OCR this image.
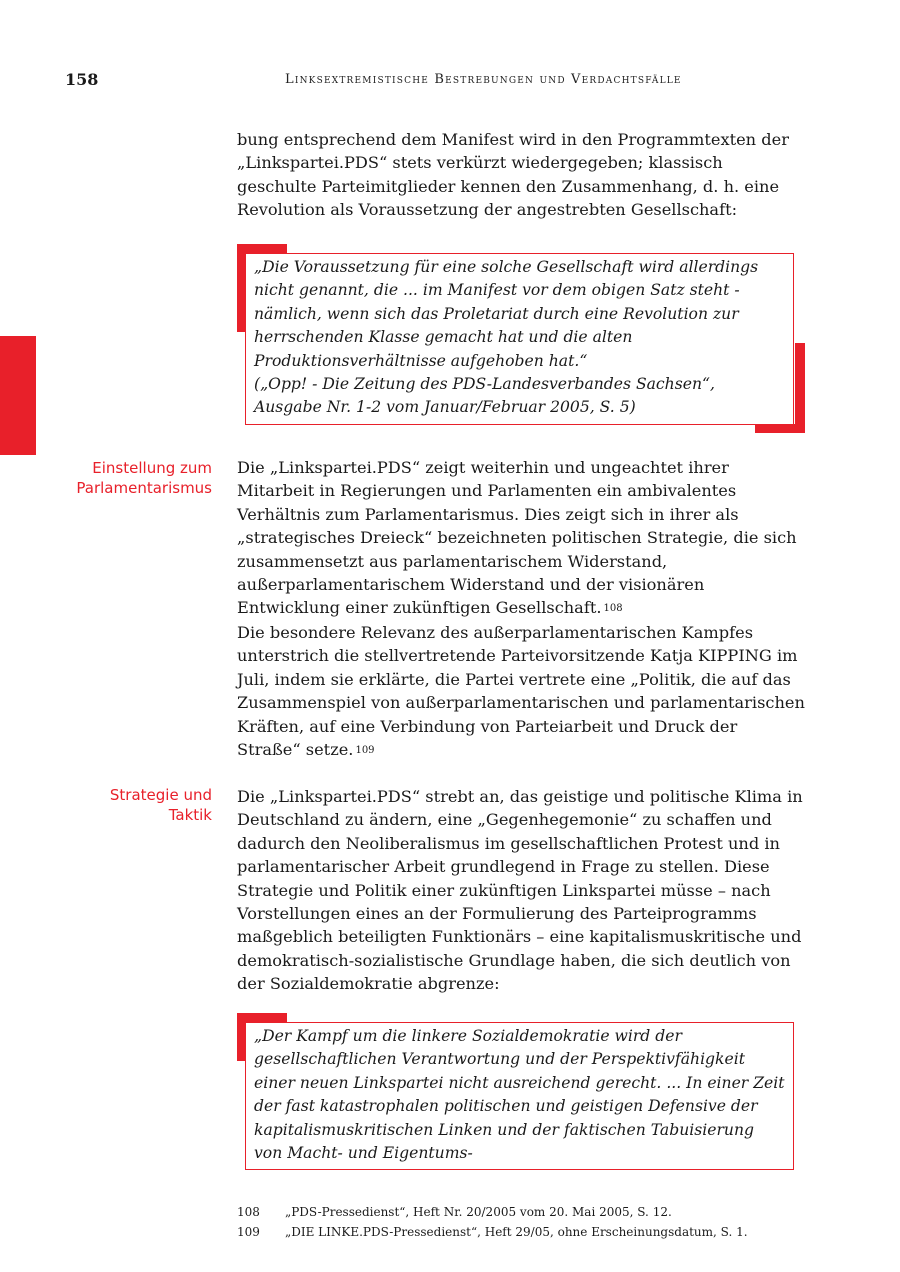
158	Linksextremistische Bestrebungen und Verdachtsfälle

bung entsprechend dem Manifest wird in den Programmtexten der „Linkspartei.PDS“ stets verkürzt wiedergegeben; klassisch geschulte Parteimitglieder kennen den Zusammenhang, d. h. eine Revolution als Voraussetzung der angestrebten Gesellschaft:

„Die Voraussetzung für eine solche Gesellschaft wird allerdings nicht genannt, die ... im Manifest vor dem obigen Satz steht - nämlich, wenn sich das Proletariat durch eine Revolution zur herrschenden Klasse gemacht hat und die alten Produktionsverhältnisse aufgehoben hat.“

(„Opp! - Die Zeitung des PDS-Landesverbandes Sachsen“, Ausgabe Nr. 1-2 vom Januar/Februar 2005, S. 5)

Einstellung zum
Parlamentarismus

Die „Linkspartei.PDS“ zeigt weiterhin und ungeachtet ihrer Mitarbeit in Regierungen und Parlamenten ein ambivalentes Verhältnis zum Parlamentarismus. Dies zeigt sich in ihrer als „strategisches Dreieck“ bezeichneten politischen Strategie, die sich zusammensetzt aus parlamentarischem Widerstand, außerparlamentarischem Widerstand und der visionären Entwicklung einer zukünftigen Gesellschaft. $^{108}$

Die besondere Relevanz des außerparlamentarischen Kampfes unterstrich die stellvertretende Parteivorsitzende Katja KIPPING im Juli, indem sie erklärte, die Partei vertrete eine „Politik, die auf das Zusammenspiel von außerparlamentarischen und parlamentarischen Kräften, auf eine Verbindung von Parteiarbeit und Druck der Straße“ setze. $^{109}$

Strategie und
Taktik

Die „Linkspartei.PDS“ strebt an, das geistige und politische Klima in Deutschland zu ändern, eine „Gegenhegemonie“ zu schaffen und dadurch den Neoliberalismus im gesellschaftlichen Protest und in parlamentarischer Arbeit grundlegend in Frage zu stellen. Diese Strategie und Politik einer zukünftigen Linkspartei müsse – nach Vorstellungen eines an der Formulierung des Parteiprogramms maßgeblich beteiligten Funktionärs – eine kapitalismuskritische und demokratisch-sozialistische Grundlage haben, die sich deutlich von der Sozialdemokratie abgrenze:

„Der Kampf um die linkere Sozialdemokratie wird der gesellschaftlichen Verantwortung und der Perspektivfähigkeit einer neuen Linkspartei nicht ausreichend gerecht. ... In einer Zeit der fast katastrophalen politischen und geistigen Defensive der kapitalismuskritischen Linken und der faktischen Tabuisierung von Macht- und Eigentums-

108	„PDS-Pressedienst“, Heft Nr. 20/2005 vom 20. Mai 2005, S. 12.
109	„DIE LINKE.PDS-Pressedienst“, Heft 29/05, ohne Erscheinungsdatum, S. 1.
